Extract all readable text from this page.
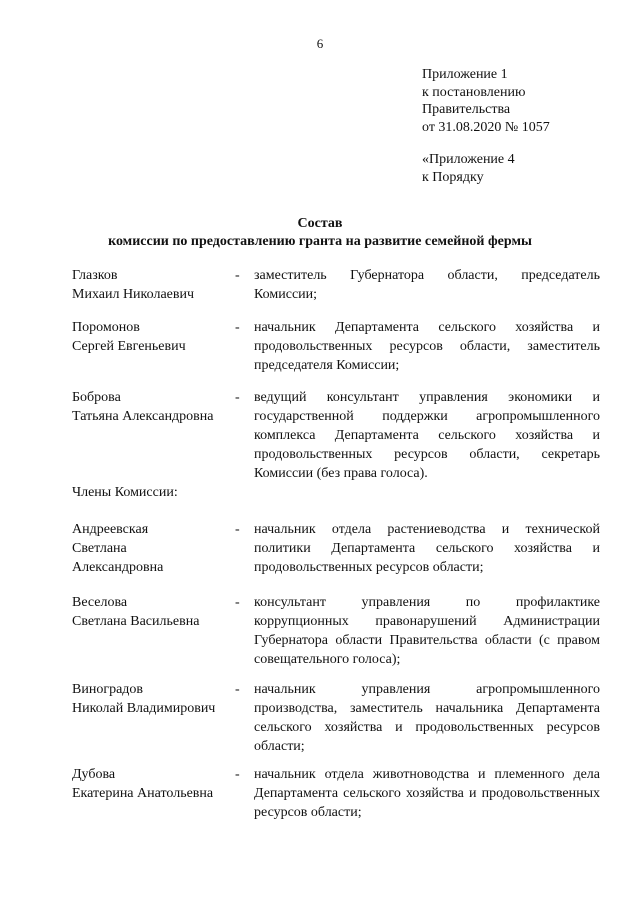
6
Приложение 1
к постановлению
Правительства
от 31.08.2020 № 1057
«Приложение 4
к Порядку
Состав
комиссии по предоставлению гранта на развитие семейной фермы
Глазков
Михаил Николаевич
- заместитель Губернатора области, председатель Комиссии;
Поромонов
Сергей Евгеньевич
- начальник Департамента сельского хозяйства и продовольственных ресурсов области, заместитель председателя Комиссии;
Боброва
Татьяна Александровна
- ведущий консультант управления экономики и государственной поддержки агропромышленного комплекса Департамента сельского хозяйства и продовольственных ресурсов области, секретарь Комиссии (без права голоса).
Члены Комиссии:
Андреевская
Светлана
Александровна
- начальник отдела растениеводства и технической политики Департамента сельского хозяйства и продовольственных ресурсов области;
Веселова
Светлана Васильевна
- консультант управления по профилактике коррупционных правонарушений Администрации Губернатора области Правительства области (с правом совещательного голоса);
Виноградов
Николай Владимирович
- начальник управления агропромышленного производства, заместитель начальника Департамента сельского хозяйства и продовольственных ресурсов области;
Дубова
Екатерина Анатольевна
- начальник отдела животноводства и племенного дела Департамента сельского хозяйства и продовольственных ресурсов области;
